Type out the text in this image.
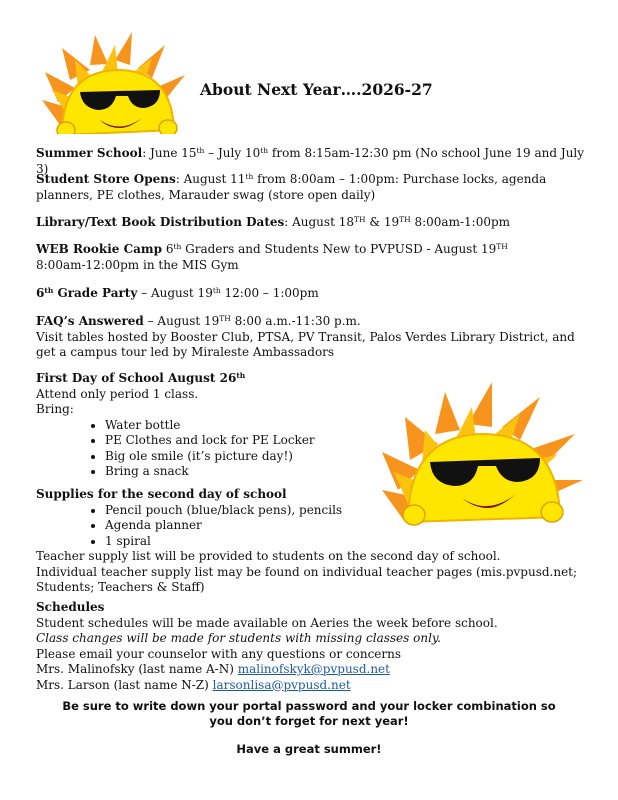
About Next Year….2026-27
Summer School: June 15th – July 10th from 8:15am-12:30 pm (No school June 19 and July 3)
Student Store Opens: August 11th from 8:00am – 1:00pm: Purchase locks, agenda planners, PE clothes, Marauder swag (store open daily)
Library/Text Book Distribution Dates: August 18TH & 19TH 8:00am-1:00pm
WEB Rookie Camp 6th Graders and Students New to PVPUSD - August 19TH
8:00am-12:00pm in the MIS Gym
6th Grade Party – August 19th 12:00 – 1:00pm
FAQ’s Answered – August 19TH 8:00 a.m.-11:30 p.m.
Visit tables hosted by Booster Club, PTSA, PV Transit, Palos Verdes Library District, and get a campus tour led by Miraleste Ambassadors
First Day of School August 26th
Attend only period 1 class.
Bring:
• Water bottle
• PE Clothes and lock for PE Locker
• Big ole smile (it’s picture day!)
• Bring a snack
Supplies for the second day of school
• Pencil pouch (blue/black pens), pencils
• Agenda planner
• 1 spiral
Teacher supply list will be provided to students on the second day of school.
Individual teacher supply list may be found on individual teacher pages (mis.pvpusd.net; Students; Teachers & Staff)
Schedules
Student schedules will be made available on Aeries the week before school.
Class changes will be made for students with missing classes only.
Please email your counselor with any questions or concerns
Mrs. Malinofsky (last name A-N) malinofskyk@pvpusd.net
Mrs. Larson (last name N-Z) larsonlisa@pvpusd.net
Be sure to write down your portal password and your locker combination so you don’t forget for next year!
Have a great summer!
